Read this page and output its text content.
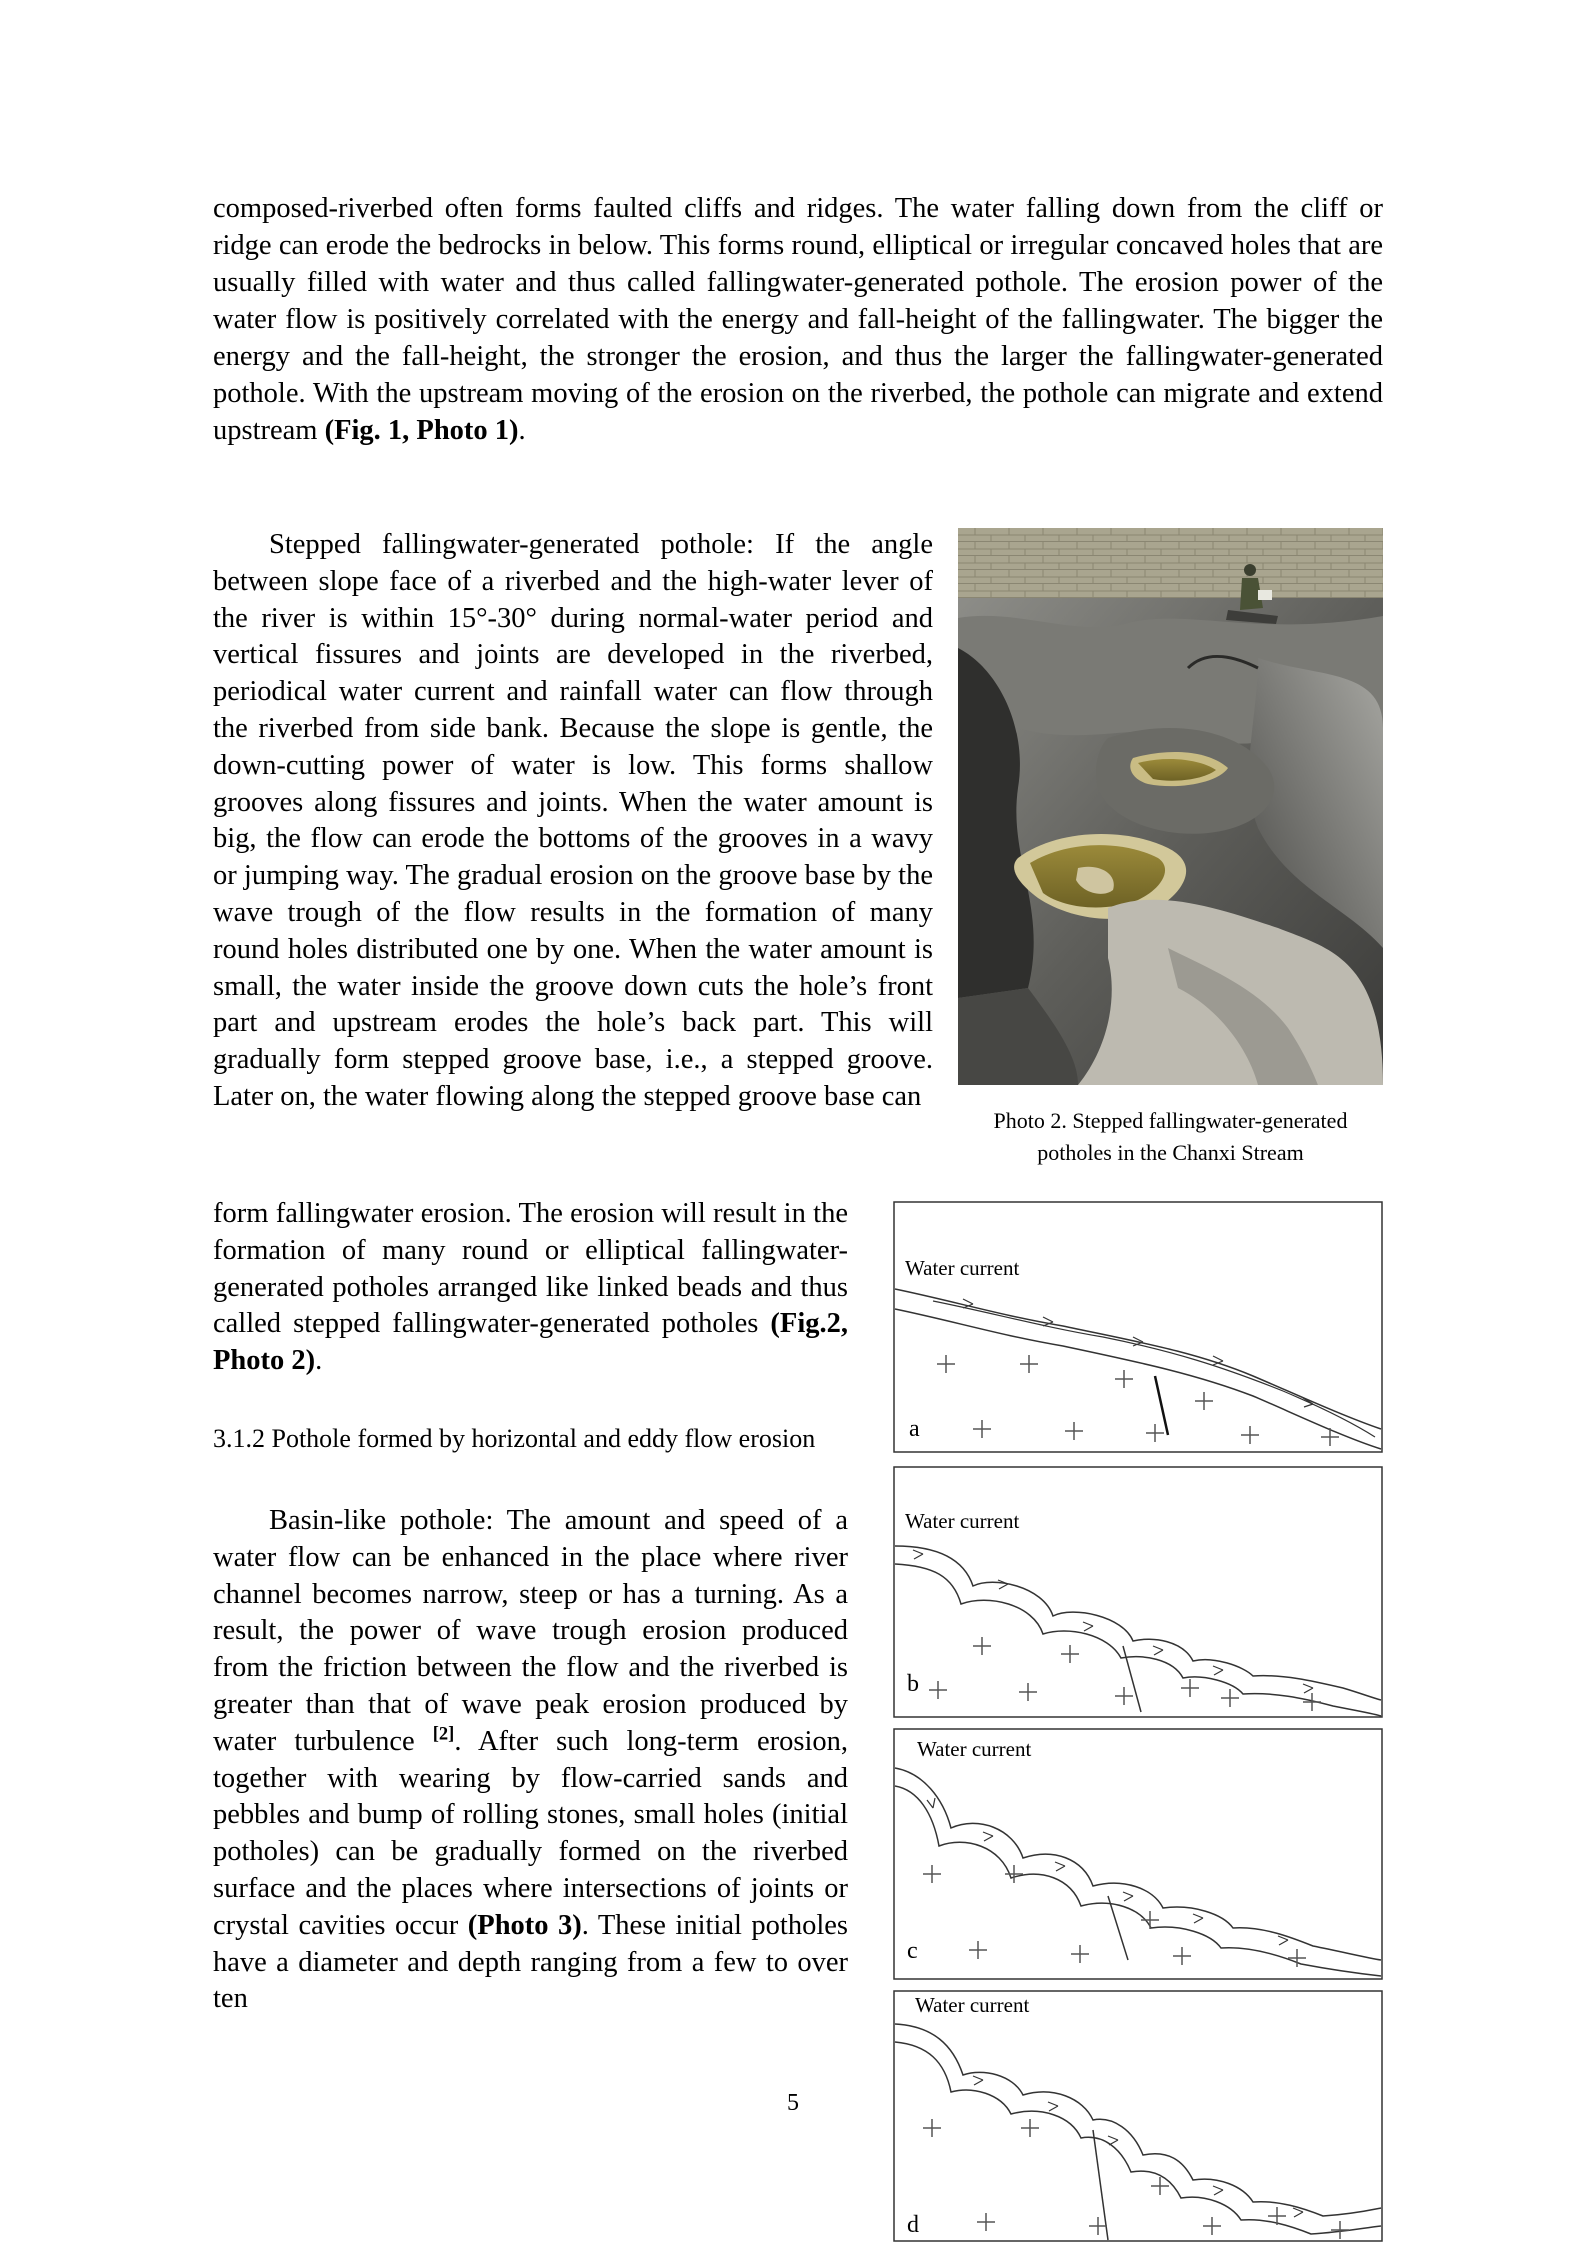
composed-riverbed often forms faulted cliffs and ridges. The water falling down from the cliff or ridge can erode the bedrocks in below. This forms round, elliptical or irregular concaved holes that are usually filled with water and thus called fallingwater-generated pothole. The erosion power of the water flow is positively correlated with the energy and fall-height of the fallingwater. The bigger the energy and the fall-height, the stronger the erosion, and thus the larger the fallingwater-generated pothole. With the upstream moving of the erosion on the riverbed, the pothole can migrate and extend upstream (Fig. 1, Photo 1).

Stepped fallingwater-generated pothole: If the angle between slope face of a riverbed and the high-water lever of the river is within 15°-30° during normal-water period and vertical fissures and joints are developed in the riverbed, periodical water current and rainfall water can flow through the riverbed from side bank. Because the slope is gentle, the down-cutting power of water is low. This forms shallow grooves along fissures and joints. When the water amount is big, the flow can erode the bottoms of the grooves in a wavy or jumping way. The gradual erosion on the groove base by the wave trough of the flow results in the formation of many round holes distributed one by one. When the water amount is small, the water inside the groove down cuts the hole’s front part and upstream erodes the hole’s back part. This will gradually form stepped groove base, i.e., a stepped groove. Later on, the water flowing along the stepped groove base can

form fallingwater erosion. The erosion will result in the formation of many round or elliptical fallingwater-generated potholes arranged like linked beads and thus called stepped fallingwater-generated potholes (Fig.2, Photo 2).

Photo 2. Stepped fallingwater-generated potholes in the Chanxi Stream

Water current
a
Water current
b
Water current
c
Water current
d

3.1.2 Pothole formed by horizontal and eddy flow erosion

Basin-like pothole: The amount and speed of a water flow can be enhanced in the place where river channel becomes narrow, steep or has a turning. As a result, the power of wave trough erosion produced from the friction between the flow and the riverbed is greater than that of wave peak erosion produced by water turbulence [2]. After such long-term erosion, together with wearing by flow-carried sands and pebbles and bump of rolling stones, small holes (initial potholes) can be gradually formed on the riverbed surface and the places where intersections of joints or crystal cavities occur (Photo 3). These initial potholes have a diameter and depth ranging from a few to over ten

5
